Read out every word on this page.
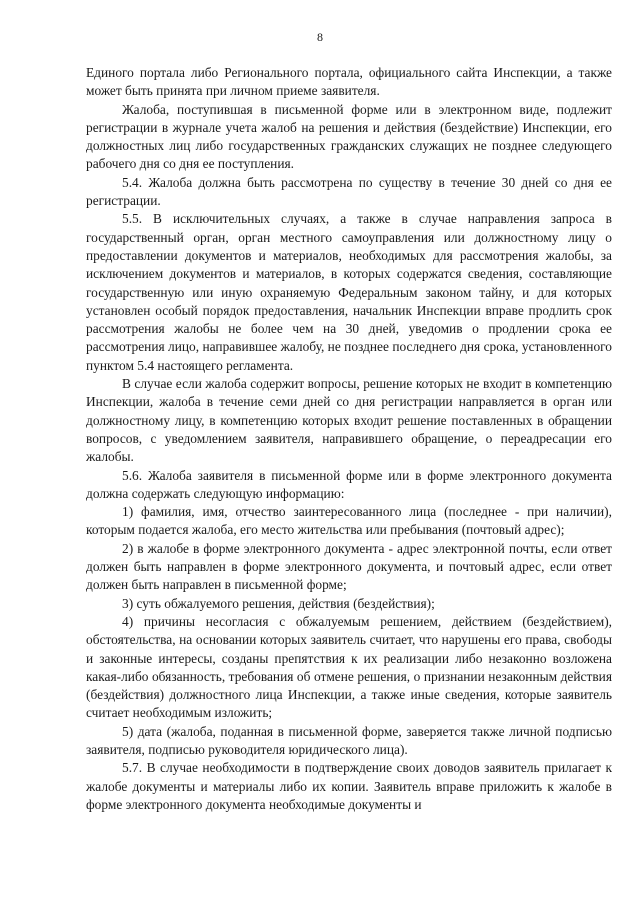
8

Единого портала либо Регионального портала, официального сайта Инспекции, а также может быть принята при личном приеме заявителя.

Жалоба, поступившая в письменной форме или в электронном виде, подлежит регистрации в журнале учета жалоб на решения и действия (бездействие) Инспекции, его должностных лиц либо государственных гражданских служащих не позднее следующего рабочего дня со дня ее поступления.

5.4. Жалоба должна быть рассмотрена по существу в течение 30 дней со дня ее регистрации.

5.5. В исключительных случаях, а также в случае направления запроса в государственный орган, орган местного самоуправления или должностному лицу о предоставлении документов и материалов, необходимых для рассмотрения жалобы, за исключением документов и материалов, в которых содержатся сведения, составляющие государственную или иную охраняемую Федеральным законом тайну, и для которых установлен особый порядок предоставления, начальник Инспекции вправе продлить срок рассмотрения жалобы не более чем на 30 дней, уведомив о продлении срока ее рассмотрения лицо, направившее жалобу, не позднее последнего дня срока, установленного пунктом 5.4 настоящего регламента.

В случае если жалоба содержит вопросы, решение которых не входит в компетенцию Инспекции, жалоба в течение семи дней со дня регистрации направляется в орган или должностному лицу, в компетенцию которых входит решение поставленных в обращении вопросов, с уведомлением заявителя, направившего обращение, о переадресации его жалобы.

5.6. Жалоба заявителя в письменной форме или в форме электронного документа должна содержать следующую информацию:

1) фамилия, имя, отчество заинтересованного лица (последнее - при наличии), которым подается жалоба, его место жительства или пребывания (почтовый адрес);

2) в жалобе в форме электронного документа - адрес электронной почты, если ответ должен быть направлен в форме электронного документа, и почтовый адрес, если ответ должен быть направлен в письменной форме;

3) суть обжалуемого решения, действия (бездействия);

4) причины несогласия с обжалуемым решением, действием (бездействием), обстоятельства, на основании которых заявитель считает, что нарушены его права, свободы и законные интересы, созданы препятствия к их реализации либо незаконно возложена какая-либо обязанность, требования об отмене решения, о признании незаконным действия (бездействия) должностного лица Инспекции, а также иные сведения, которые заявитель считает необходимым изложить;

5) дата (жалоба, поданная в письменной форме, заверяется также личной подписью заявителя, подписью руководителя юридического лица).

5.7. В случае необходимости в подтверждение своих доводов заявитель прилагает к жалобе документы и материалы либо их копии. Заявитель вправе приложить к жалобе в форме электронного документа необходимые документы и
